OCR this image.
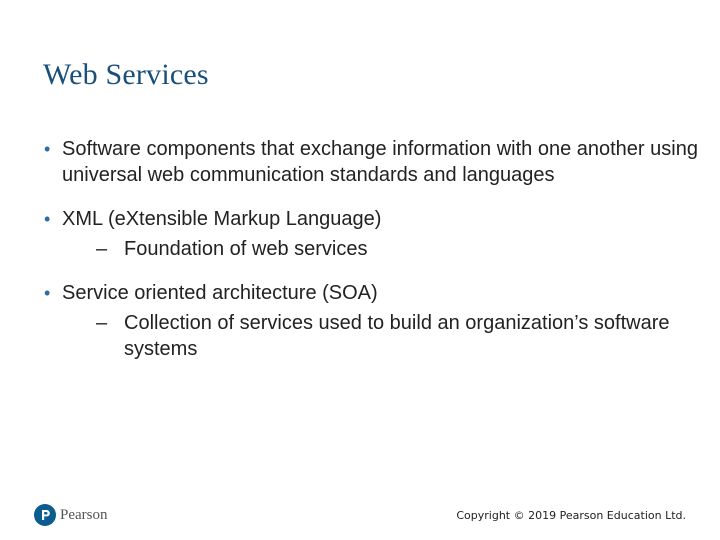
Web Services
• Software components that exchange information with one another using universal web communication standards and languages
• XML (eXtensible Markup Language)
– Foundation of web services
• Service oriented architecture (SOA)
– Collection of services used to build an organization’s software systems
Pearson	Copyright © 2019 Pearson Education Ltd.
